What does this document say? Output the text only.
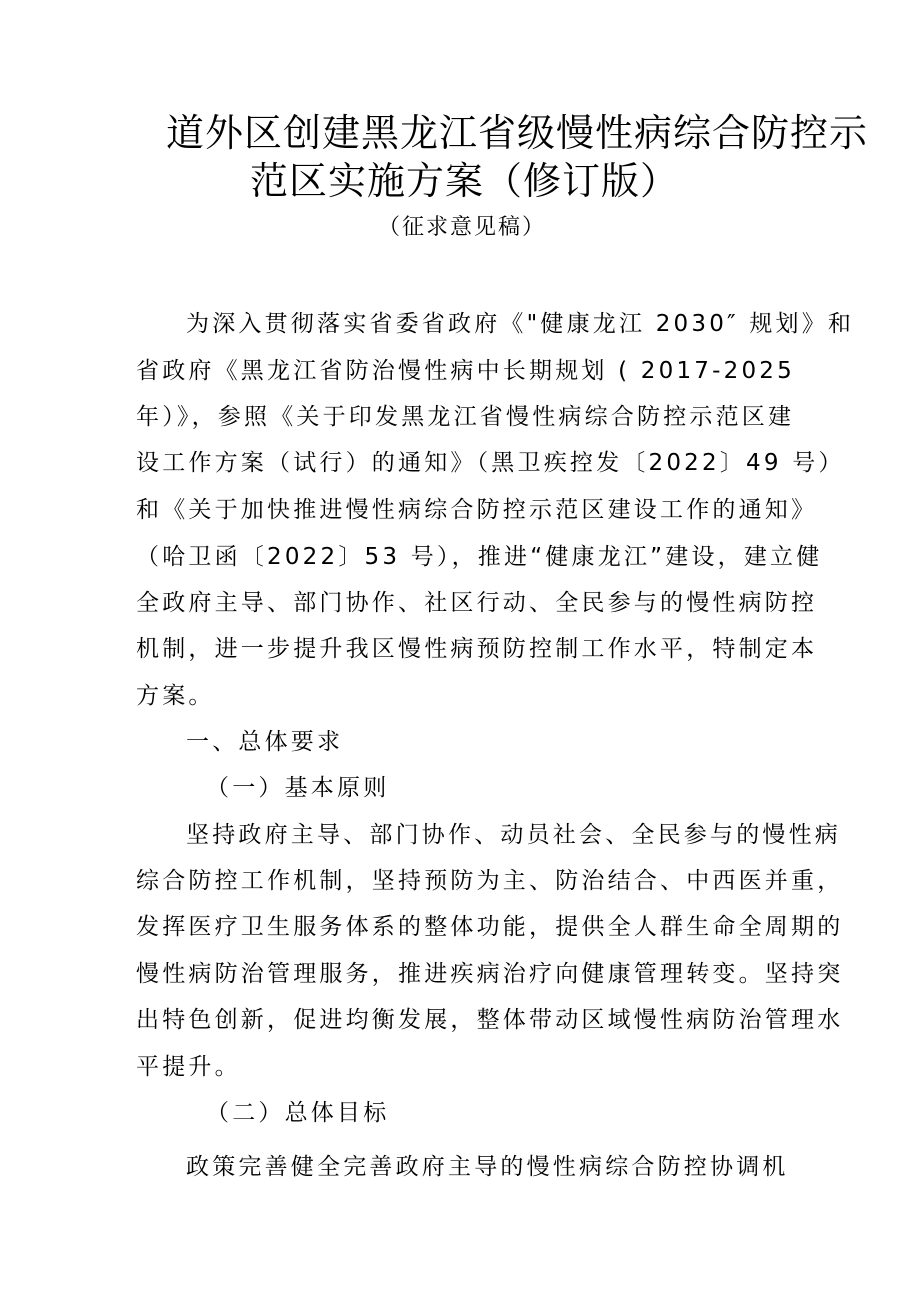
道外区创建黑龙江省级慢性病综合防控示
范区实施方案（修订版）
（征求意见稿）
为深入贯彻落实省委省政府《"健康龙江 2030″ 规划》和
省政府《黑龙江省防治慢性病中长期规划 ( 2017-2025
年）》，参照《关于印发黑龙江省慢性病综合防控示范区建
设工作方案（试行）的通知》（黑卫疾控发〔2022〕49 号）
和《关于加快推进慢性病综合防控示范区建设工作的通知》
（哈卫函〔2022〕53 号），推进“健康龙江”建设，建立健
全政府主导、部门协作、社区行动、全民参与的慢性病防控
机制，进一步提升我区慢性病预防控制工作水平，特制定本
方案。
一、总体要求
（一）基本原则
坚持政府主导、部门协作、动员社会、全民参与的慢性病
综合防控工作机制，坚持预防为主、防治结合、中西医并重，
发挥医疗卫生服务体系的整体功能，提供全人群生命全周期的
慢性病防治管理服务，推进疾病治疗向健康管理转变。坚持突
出特色创新，促进均衡发展，整体带动区域慢性病防治管理水
平提升。
（二）总体目标
政策完善健全完善政府主导的慢性病综合防控协调机
